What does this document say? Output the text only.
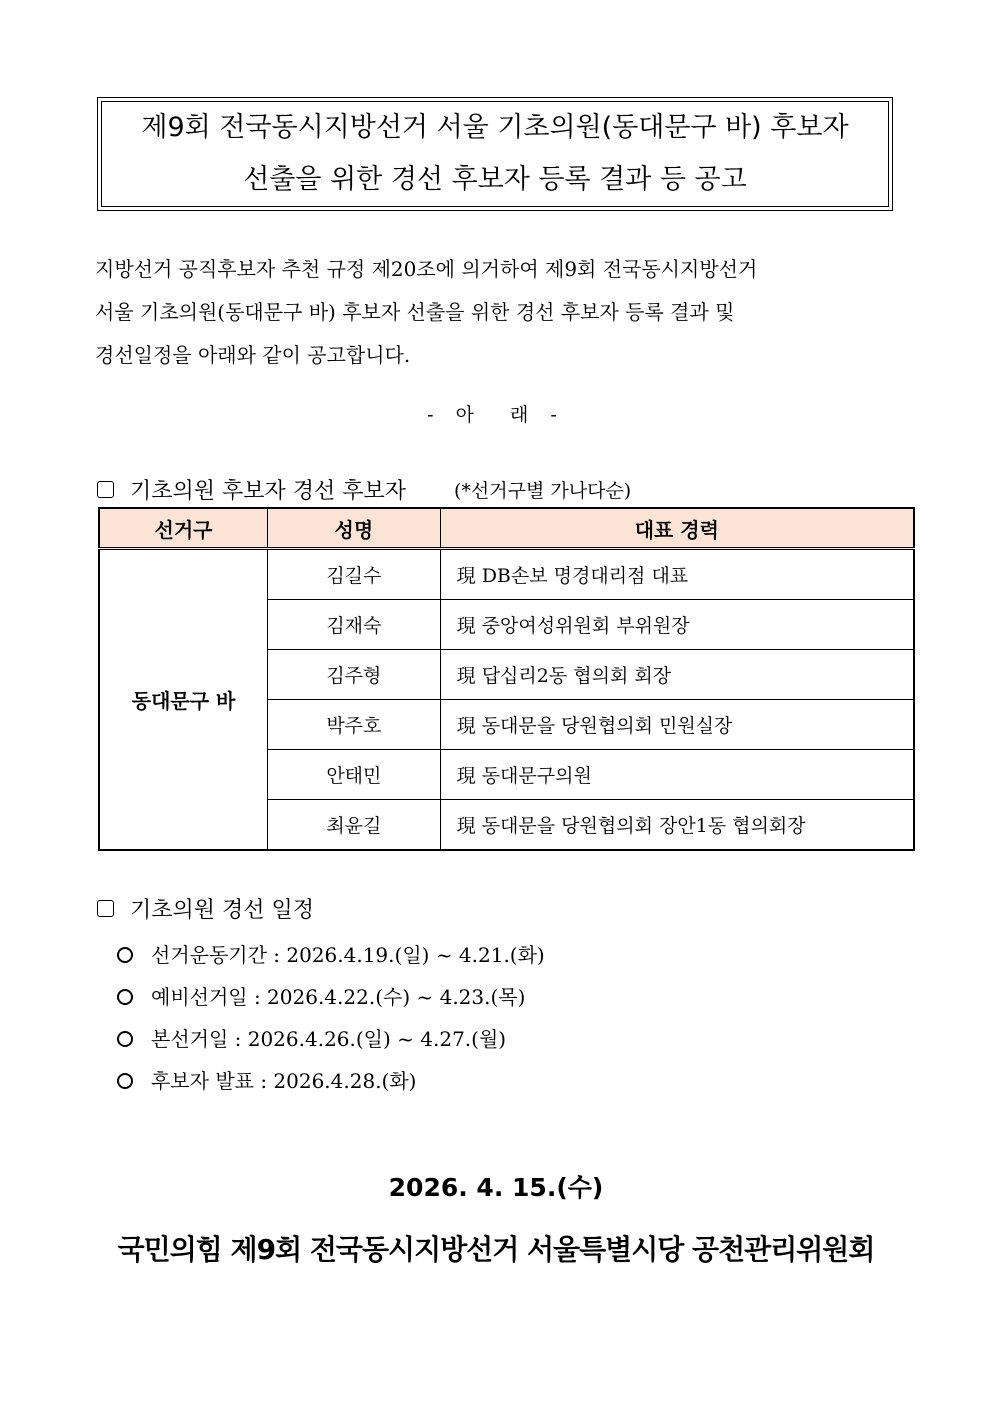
제9회 전국동시지방선거 서울 기초의원(동대문구 바) 후보자
선출을 위한 경선 후보자 등록 결과 등 공고
지방선거 공직후보자 추천 규정 제20조에 의거하여 제9회 전국동시지방선거
서울 기초의원(동대문구 바) 후보자 선출을 위한 경선 후보자 등록 결과 및
경선일정을 아래와 같이 공고합니다.
- 아  래 -
기초의원 후보자 경선 후보자	(*선거구별 가나다순)
선거구	성명	대표 경력
동대문구 바	김길수	現 DB손보 명경대리점 대표
	김재숙	現 중앙여성위원회 부위원장
	김주형	現 답십리2동 협의회 회장
	박주호	現 동대문을 당원협의회 민원실장
	안태민	現 동대문구의원
	최윤길	現 동대문을 당원협의회 장안1동 협의회장
기초의원 경선 일정
선거운동기간 : 2026.4.19.(일) ~ 4.21.(화)
예비선거일 : 2026.4.22.(수) ~ 4.23.(목)
본선거일 : 2026.4.26.(일) ~ 4.27.(월)
후보자 발표 : 2026.4.28.(화)
2026. 4. 15.(수)
국민의힘 제9회 전국동시지방선거 서울특별시당 공천관리위원회
